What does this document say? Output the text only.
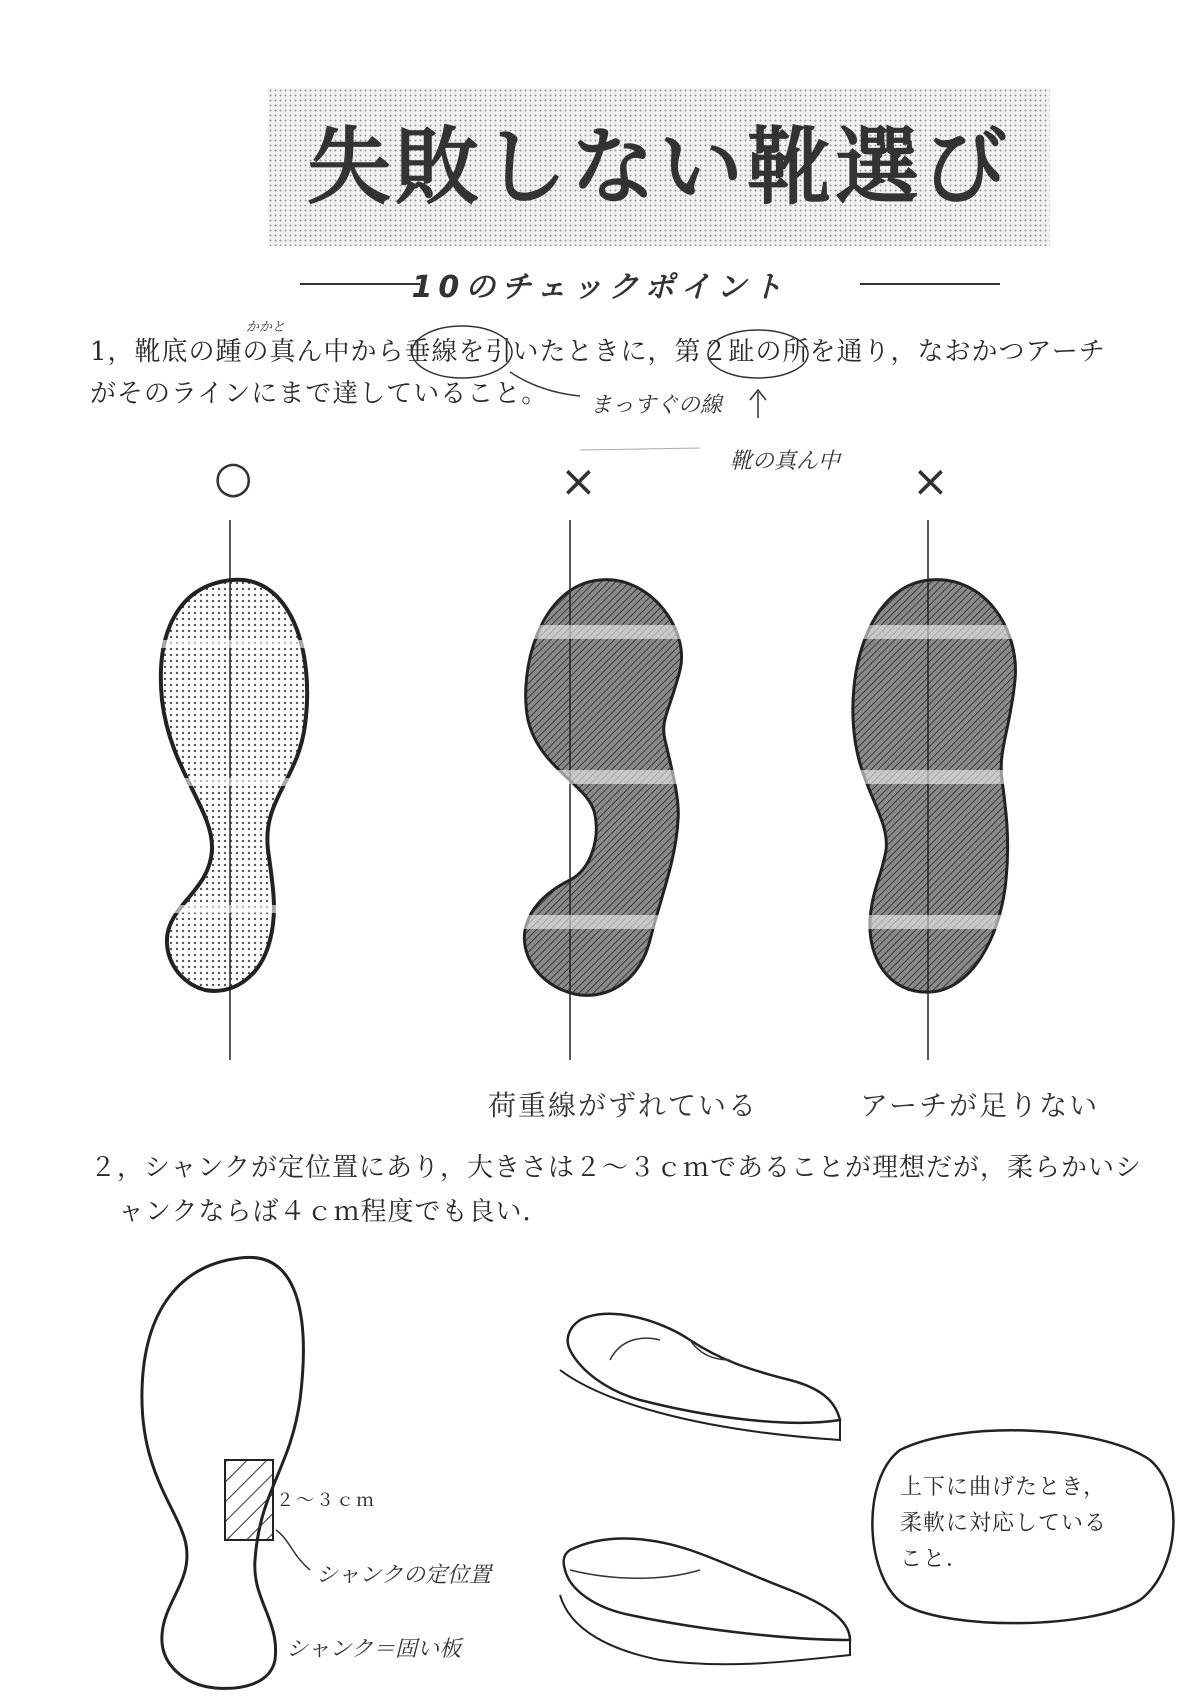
失敗しない靴選び
10のチェックポイント
かかと
1，靴底の踵の真ん中から垂線を引いたときに，第２趾の所を通り，なおかつアーチ
がそのラインにまで達していること。	まっすぐの線
靴の真ん中
○	×	×
荷重線がずれている	アーチが足りない
２，シャンクが定位置にあり，大きさは２～３ｃｍであることが理想だが，柔らかいシ
ャンクならば４ｃｍ程度でも良い．
２～３ｃｍ
シャンクの定位置
シャンク＝固い板
上下に曲げたとき，
柔軟に対応している
こと．
